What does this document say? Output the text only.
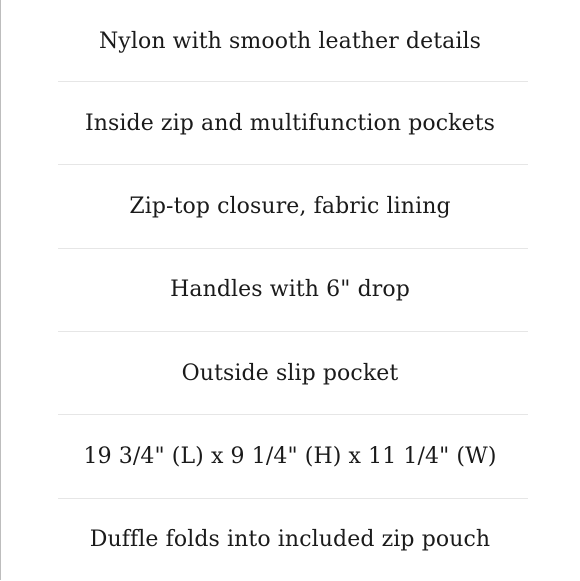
Nylon with smooth leather details
Inside zip and multifunction pockets
Zip-top closure, fabric lining
Handles with 6" drop
Outside slip pocket
19 3/4" (L) x 9 1/4" (H) x 11 1/4" (W)
Duffle folds into included zip pouch
